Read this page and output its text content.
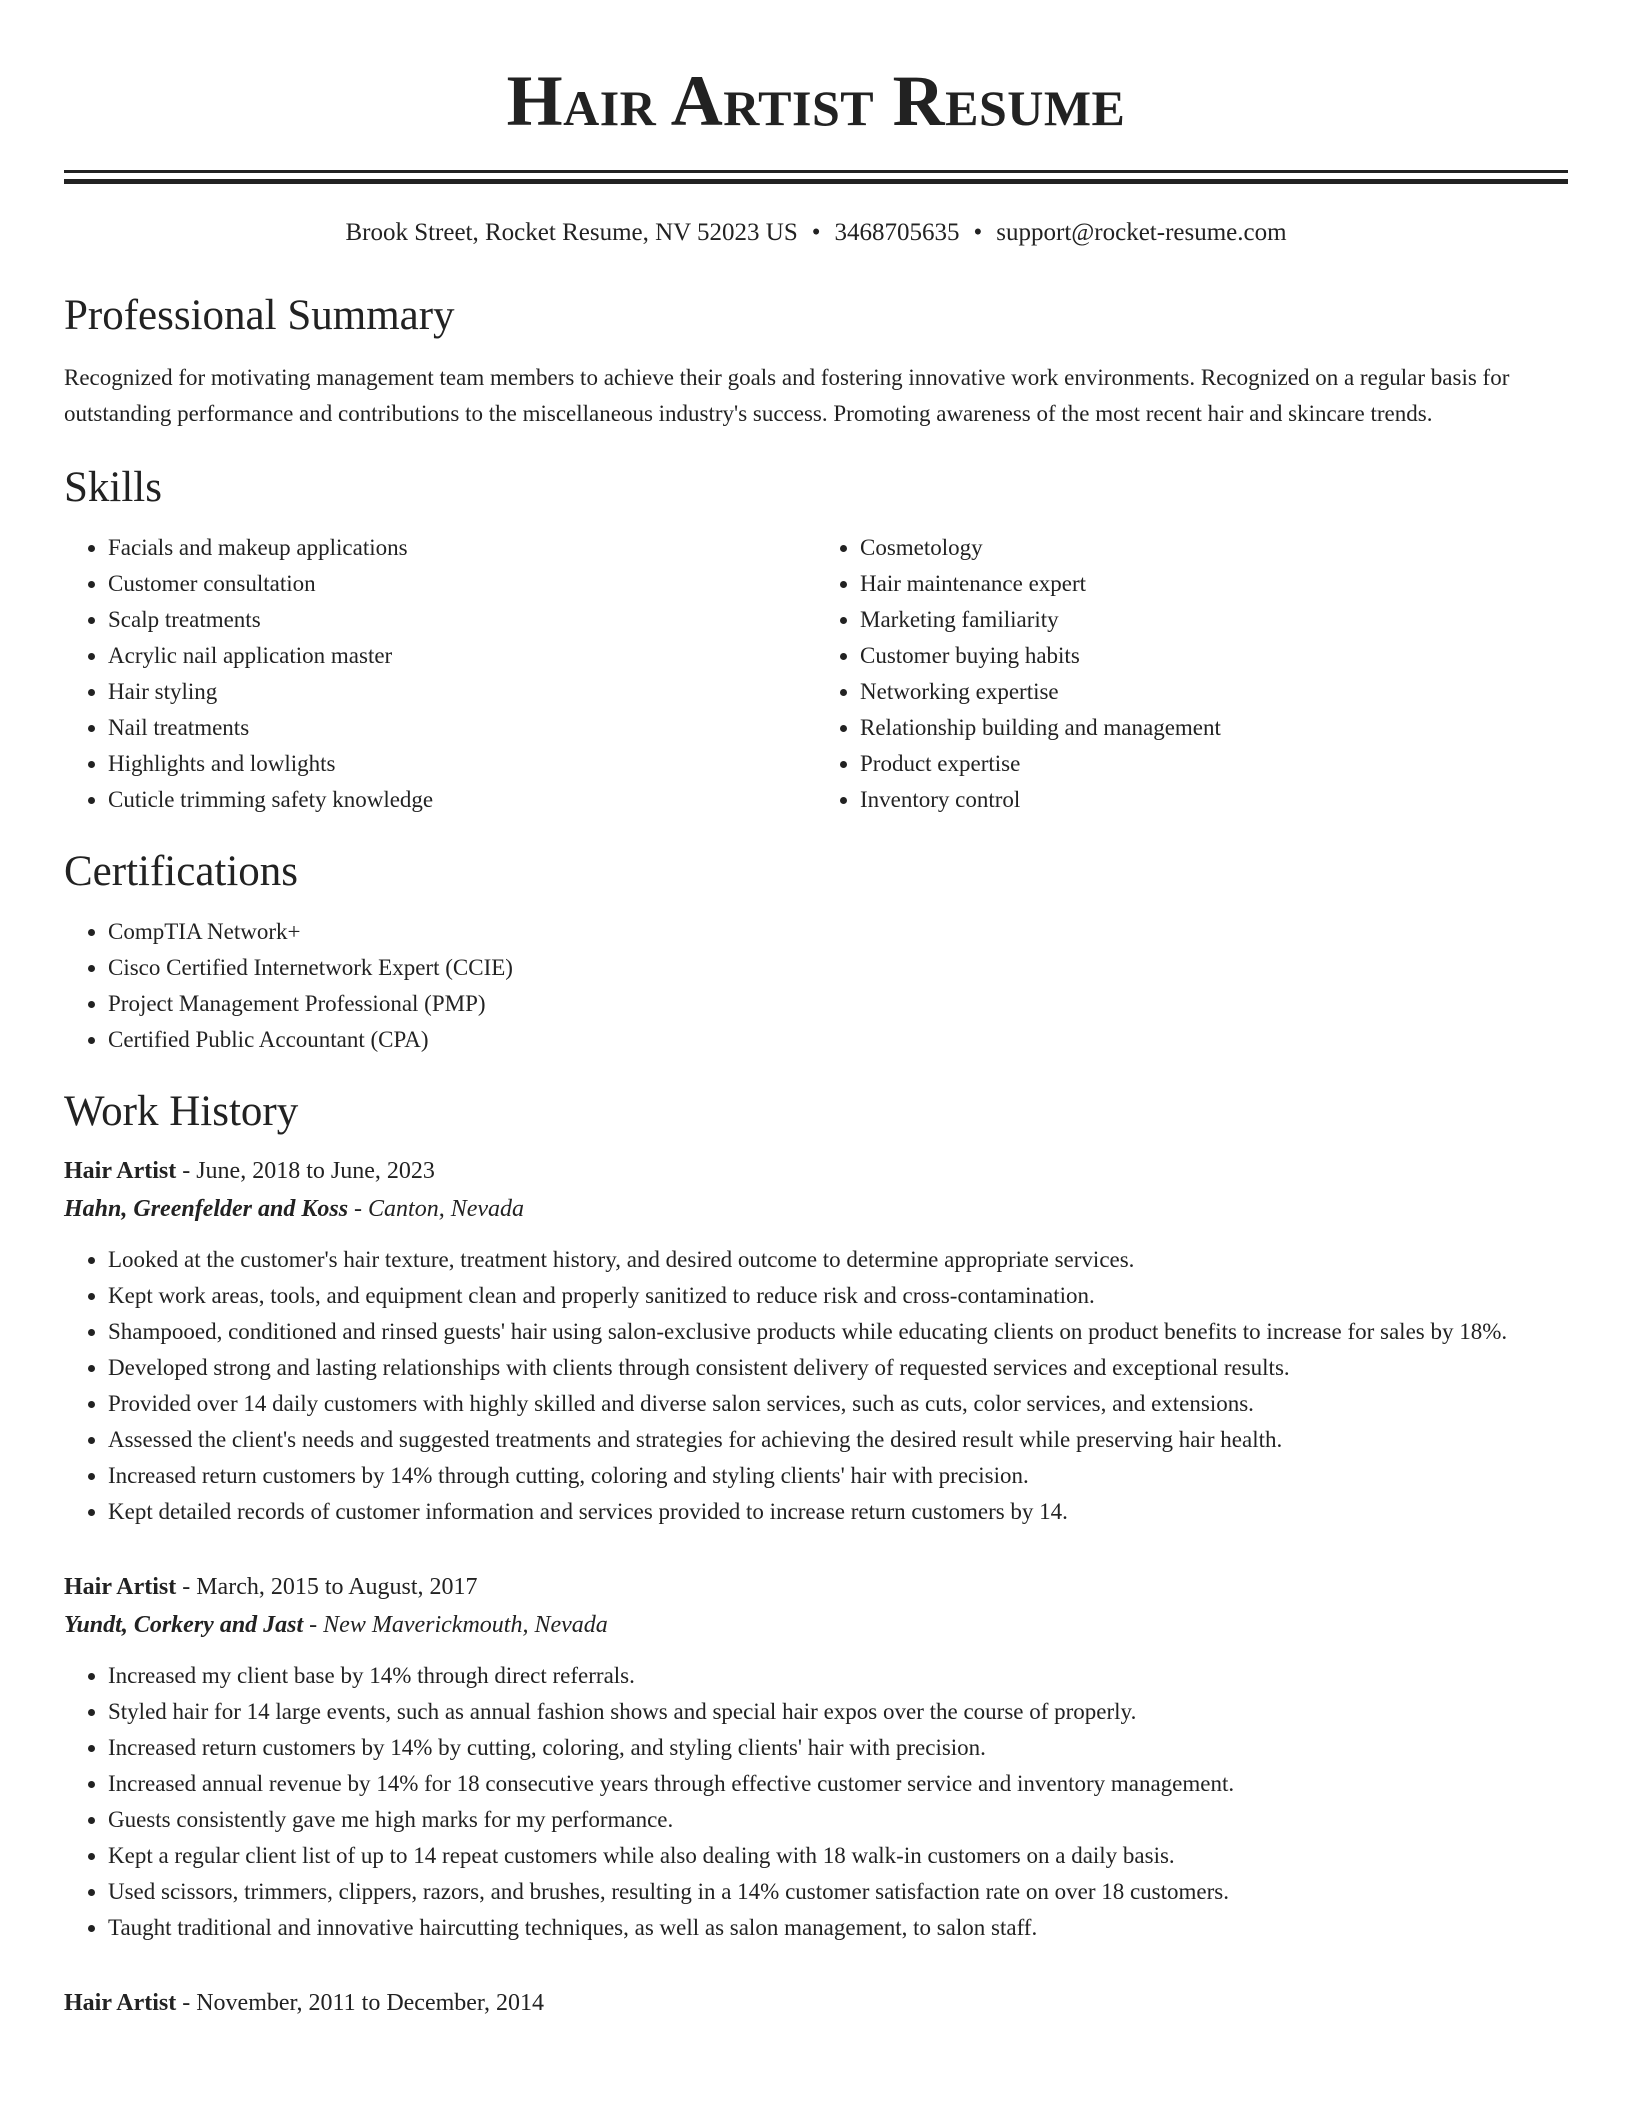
Hair Artist Resume
Brook Street, Rocket Resume, NV 52023 US • 3468705635 • support@rocket-resume.com
Professional Summary

Recognized for motivating management team members to achieve their goals and fostering innovative work environments. Recognized on a regular basis for outstanding performance and contributions to the miscellaneous industry's success. Promoting awareness of the most recent hair and skincare trends.

Skills
• Facials and makeup applications
• Customer consultation
• Scalp treatments
• Acrylic nail application master
• Hair styling
• Nail treatments
• Highlights and lowlights
• Cuticle trimming safety knowledge
• Cosmetology
• Hair maintenance expert
• Marketing familiarity
• Customer buying habits
• Networking expertise
• Relationship building and management
• Product expertise
• Inventory control
Certifications
• CompTIA Network+
• Cisco Certified Internetwork Expert (CCIE)
• Project Management Professional (PMP)
• Certified Public Accountant (CPA)
Work History
Hair Artist - June, 2018 to June, 2023
Hahn, Greenfelder and Koss - Canton, Nevada
• Looked at the customer's hair texture, treatment history, and desired outcome to determine appropriate services.
• Kept work areas, tools, and equipment clean and properly sanitized to reduce risk and cross-contamination.
• Shampooed, conditioned and rinsed guests' hair using salon-exclusive products while educating clients on product benefits to increase for sales by 18%.
• Developed strong and lasting relationships with clients through consistent delivery of requested services and exceptional results.
• Provided over 14 daily customers with highly skilled and diverse salon services, such as cuts, color services, and extensions.
• Assessed the client's needs and suggested treatments and strategies for achieving the desired result while preserving hair health.
• Increased return customers by 14% through cutting, coloring and styling clients' hair with precision.
• Kept detailed records of customer information and services provided to increase return customers by 14.
Hair Artist - March, 2015 to August, 2017
Yundt, Corkery and Jast - New Maverickmouth, Nevada
• Increased my client base by 14% through direct referrals.
• Styled hair for 14 large events, such as annual fashion shows and special hair expos over the course of properly.
• Increased return customers by 14% by cutting, coloring, and styling clients' hair with precision.
• Increased annual revenue by 14% for 18 consecutive years through effective customer service and inventory management.
• Guests consistently gave me high marks for my performance.
• Kept a regular client list of up to 14 repeat customers while also dealing with 18 walk-in customers on a daily basis.
• Used scissors, trimmers, clippers, razors, and brushes, resulting in a 14% customer satisfaction rate on over 18 customers.
• Taught traditional and innovative haircutting techniques, as well as salon management, to salon staff.
Hair Artist - November, 2011 to December, 2014
